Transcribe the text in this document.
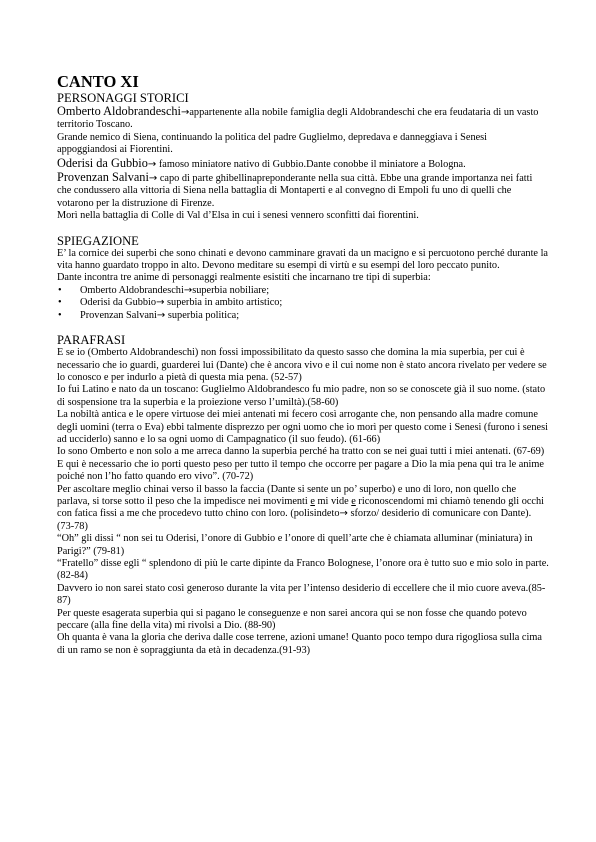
CANTO XI
PERSONAGGI STORICI

Omberto Aldobrandeschi→appartenente alla nobile famiglia degli Aldobrandeschi che era feudataria di un vasto territorio Toscano.

Grande nemico di Siena, continuando la politica del padre Guglielmo, depredava e danneggiava i Senesi appoggiandosi ai Fiorentini.

Oderisi da Gubbio→ famoso miniatore nativo di Gubbio.Dante conobbe il miniatore a Bologna.

Provenzan Salvani→ capo di parte ghibellinapreponderante nella sua città. Ebbe una grande importanza nei fatti che condussero alla vittoria di Siena nella battaglia di Montaperti e al convegno di Empoli fu uno di quelli che votarono per la distruzione di Firenze.

Morì nella battaglia di Colle di Val d’Elsa in cui i senesi vennero sconfitti dai fiorentini.

SPIEGAZIONE

E’ la cornice dei superbi che sono chinati e devono camminare gravati da un macigno e si percuotono perché durante la vita hanno guardato troppo in alto. Devono meditare su esempi di virtù e su esempi del loro peccato punito.

Dante incontra tre anime di personaggi realmente esistiti che incarnano tre tipi di superbia:

• Omberto Aldobrandeschi→superbia nobiliare;
• Oderisi da Gubbio→ superbia in ambito artistico;
• Provenzan Salvani→ superbia politica;
PARAFRASI

E se io (Omberto Aldobrandeschi) non fossi impossibilitato da questo sasso che domina la mia superbia, per cui è necessario che io guardi, guarderei lui (Dante) che è ancora vivo e il cui nome non è stato ancora rivelato per vedere se lo conosco e per indurlo a pietà di questa mia pena. (52-57)

Io fui Latino e nato da un toscano: Guglielmo Aldobrandesco fu mio padre, non so se conoscete già il suo nome. (stato di sospensione tra la superbia e la proiezione verso l’umiltà).(58-60)

La nobiltà antica e le opere virtuose dei miei antenati mi fecero così arrogante che, non pensando alla madre comune degli uomini (terra o Eva) ebbi talmente disprezzo per ogni uomo che io morì per questo come i Senesi (furono i senesi ad ucciderlo) sanno e lo sa ogni uomo di Campagnatico (il suo feudo). (61-66)

Io sono Omberto e non solo a me arreca danno la superbia perché ha tratto con se nei guai tutti i miei antenati. (67-69)

E qui è necessario che io porti questo peso per tutto il tempo che occorre per pagare a Dio la mia pena qui tra le anime poiché non l’ho fatto quando ero vivo”. (70-72)

Per ascoltare meglio chinai verso il basso la faccia (Dante si sente un po’ superbo) e uno di loro, non quello che parlava, si torse sotto il peso che la impedisce nei movimenti e mi vide e riconoscendomi mi chiamò tenendo gli occhi con fatica fissi a me che procedevo tutto chino con loro. (polisindeto→ sforzo/ desiderio di comunicare con Dante). (73-78)

“Oh” gli dissi “ non sei tu Oderisi, l’onore di Gubbio e l’onore di quell’arte che è chiamata alluminar (miniatura) in Parigi?” (79-81)

“Fratello” disse egli “ splendono di più le carte dipinte da Franco Bolognese, l’onore ora è tutto suo e mio solo in parte. (82-84)

Davvero io non sarei stato così generoso durante la vita per l’intenso desiderio di eccellere che il mio cuore aveva.(85-87)

Per queste esagerata superbia qui si pagano le conseguenze e non sarei ancora qui se non fosse che quando potevo peccare (alla fine della vita) mi rivolsi a Dio. (88-90)

Oh quanta è vana la gloria che deriva dalle cose terrene, azioni umane! Quanto poco tempo dura rigogliosa sulla cima di un ramo se non è sopraggiunta da età in decadenza.(91-93)
